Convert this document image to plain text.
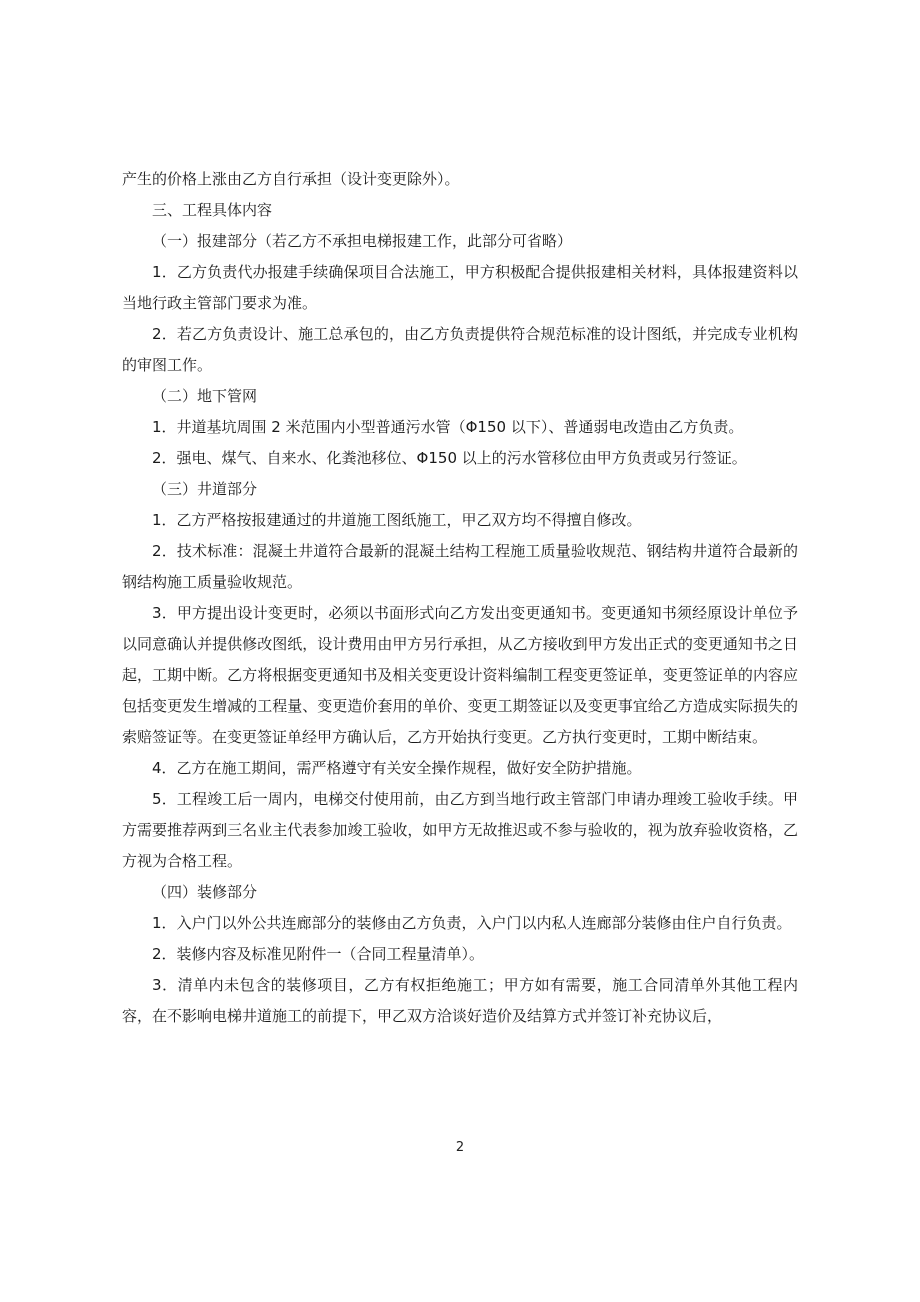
产生的价格上涨由乙方自行承担（设计变更除外）。

三、工程具体内容

（一）报建部分（若乙方不承担电梯报建工作，此部分可省略）

1．乙方负责代办报建手续确保项目合法施工，甲方积极配合提供报建相关材料，具体报建资料以当地行政主管部门要求为准。

2．若乙方负责设计、施工总承包的，由乙方负责提供符合规范标准的设计图纸，并完成专业机构的审图工作。

（二）地下管网

1．井道基坑周围 2 米范围内小型普通污水管（Φ150 以下）、普通弱电改造由乙方负责。

2．强电、煤气、自来水、化粪池移位、Φ150 以上的污水管移位由甲方负责或另行签证。

（三）井道部分

1．乙方严格按报建通过的井道施工图纸施工，甲乙双方均不得擅自修改。

2．技术标准：混凝土井道符合最新的混凝土结构工程施工质量验收规范、钢结构井道符合最新的钢结构施工质量验收规范。

3．甲方提出设计变更时，必须以书面形式向乙方发出变更通知书。变更通知书须经原设计单位予以同意确认并提供修改图纸，设计费用由甲方另行承担，从乙方接收到甲方发出正式的变更通知书之日起，工期中断。乙方将根据变更通知书及相关变更设计资料编制工程变更签证单，变更签证单的内容应包括变更发生增减的工程量、变更造价套用的单价、变更工期签证以及变更事宜给乙方造成实际损失的索赔签证等。在变更签证单经甲方确认后，乙方开始执行变更。乙方执行变更时，工期中断结束。

4．乙方在施工期间，需严格遵守有关安全操作规程，做好安全防护措施。

5．工程竣工后一周内，电梯交付使用前，由乙方到当地行政主管部门申请办理竣工验收手续。甲方需要推荐两到三名业主代表参加竣工验收，如甲方无故推迟或不参与验收的，视为放弃验收资格，乙方视为合格工程。

（四）装修部分

1．入户门以外公共连廊部分的装修由乙方负责，入户门以内私人连廊部分装修由住户自行负责。

2．装修内容及标准见附件一（合同工程量清单）。

3．清单内未包含的装修项目，乙方有权拒绝施工；甲方如有需要，施工合同清单外其他工程内容，在不影响电梯井道施工的前提下，甲乙双方洽谈好造价及结算方式并签订补充协议后，

2
